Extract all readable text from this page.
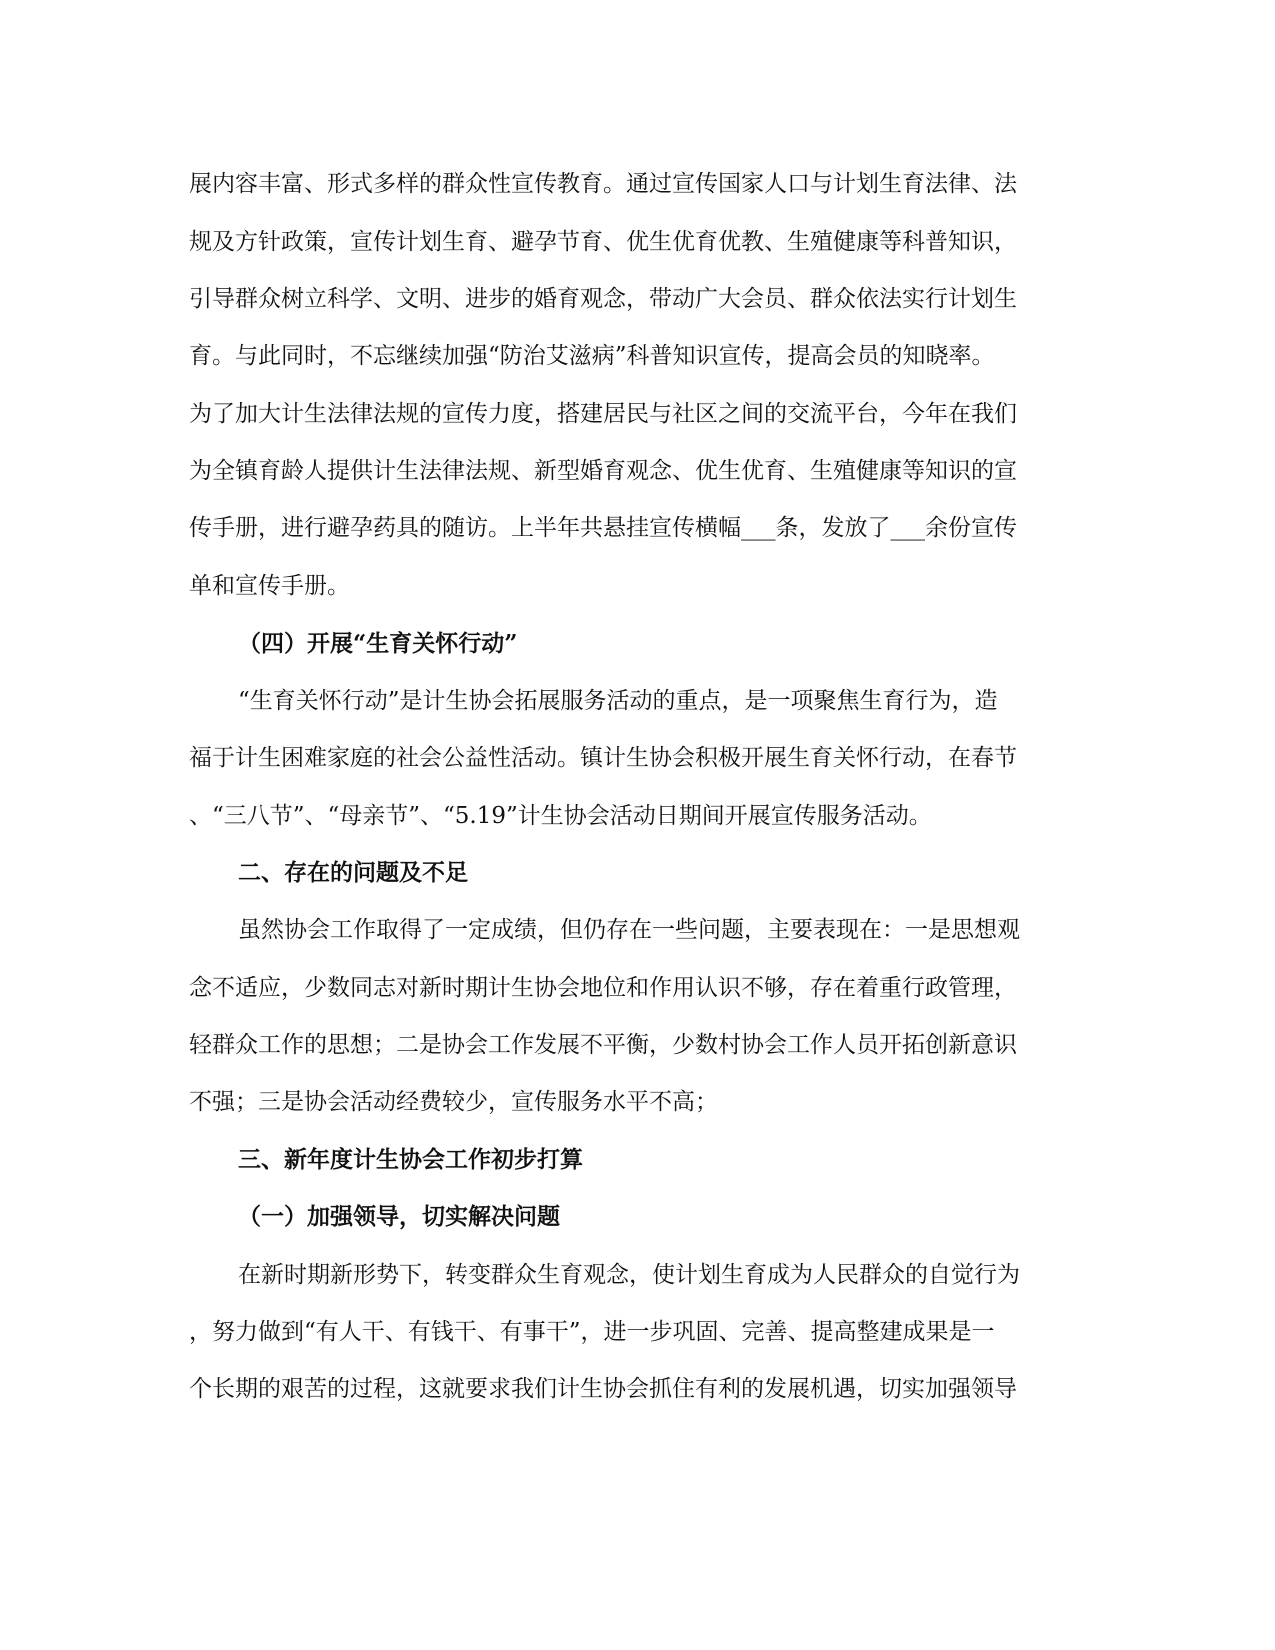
展内容丰富、形式多样的群众性宣传教育。通过宣传国家人口与计划生育法律、法
规及方针政策，宣传计划生育、避孕节育、优生优育优教、生殖健康等科普知识，
引导群众树立科学、文明、进步的婚育观念，带动广大会员、群众依法实行计划生
育。与此同时，不忘继续加强“防治艾滋病”科普知识宣传，提高会员的知晓率。
为了加大计生法律法规的宣传力度，搭建居民与社区之间的交流平台，今年在我们
为全镇育龄人提供计生法律法规、新型婚育观念、优生优育、生殖健康等知识的宣
传手册，进行避孕药具的随访。上半年共悬挂宣传横幅___条，发放了___余份宣传
单和宣传手册。
（四）开展“生育关怀行动”
“生育关怀行动”是计生协会拓展服务活动的重点，是一项聚焦生育行为，造
福于计生困难家庭的社会公益性活动。镇计生协会积极开展生育关怀行动，在春节
、“三八节”、“母亲节”、“5.19”计生协会活动日期间开展宣传服务活动。
二、存在的问题及不足
虽然协会工作取得了一定成绩，但仍存在一些问题，主要表现在：一是思想观
念不适应，少数同志对新时期计生协会地位和作用认识不够，存在着重行政管理，
轻群众工作的思想；二是协会工作发展不平衡，少数村协会工作人员开拓创新意识
不强；三是协会活动经费较少，宣传服务水平不高；
三、新年度计生协会工作初步打算
（一）加强领导，切实解决问题
在新时期新形势下，转变群众生育观念，使计划生育成为人民群众的自觉行为
，努力做到“有人干、有钱干、有事干”，进一步巩固、完善、提高整建成果是一
个长期的艰苦的过程，这就要求我们计生协会抓住有利的发展机遇，切实加强领导
